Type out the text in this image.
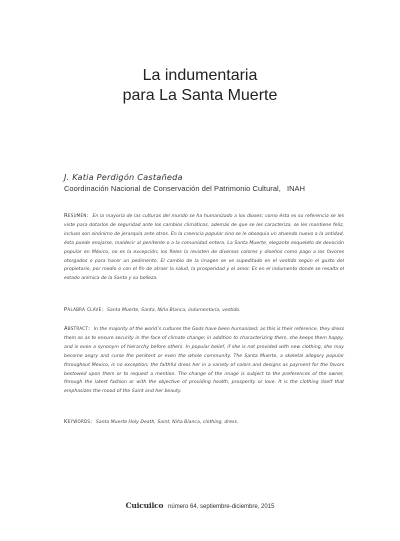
La indumentaria
para La Santa Muerte

J. Katia Perdigón Castañeda

Coordinación Nacional de Conservación del Patrimonio Cultural, INAH

Resumen: En la mayoría de las culturas del mundo se ha humanizado a los dioses; como ésta es su referencia se les viste para dotarlos de seguridad ante los cambios climáticos, además de que se les caracteriza, se les mantiene feliz, incluso son sinónimo de jerarquía ante otros. En la creencia popular sino se le obsequia un atuendo nuevo a la antidad, ésta puede enojarse, maldecir al penitente o a la comunidad entera. La Santa Muerte, elegante esqueleto de devoción popular en México, no es la excepción; los fieles la revisten de diversos colores y diseños como pago a los favores otorgados o para hacer un pedimento. El cambio de la imagen se ve supeditado en el vestido según el gusto del propietario, por medio o con el fin de atraer la salud, la prosperidad y el amor. Es en el indumento donde se resalta el estado anímica de la Santa y su belleza.

Palabra clave: Santa Muerte, Santa, Niña Blanca, indumentaria, vestido.

Abstract: In the majority of the world’s cultures the Gods have been humanized; as this is their reference, they dress them so as to ensure security in the face of climate change; in addition to characterizing them, she keeps them happy, and is even a synonym of hierarchy before others. In popular belief, if she is not provided with new clothing, she may become angry and curse the penitent or even the whole community. The Santa Muerte, a skeletal allegory popular throughout Mexico, is no exception; the faithful dress her in a variety of colors and designs as payment for the favors bestowed upon them or to request a mention. The change of the image is subject to the preferences of the owner, through the latest fashion or with the objective of providing health, prosperity or love. It is the clothing itself that emphasizes the mood of the Saint and her beauty.

Keywords: Santa Muerte Holy Death, Saint, Niña Blanca, clothing, dress.

Cuicuilco número 64, septiembre-diciembre, 2015
